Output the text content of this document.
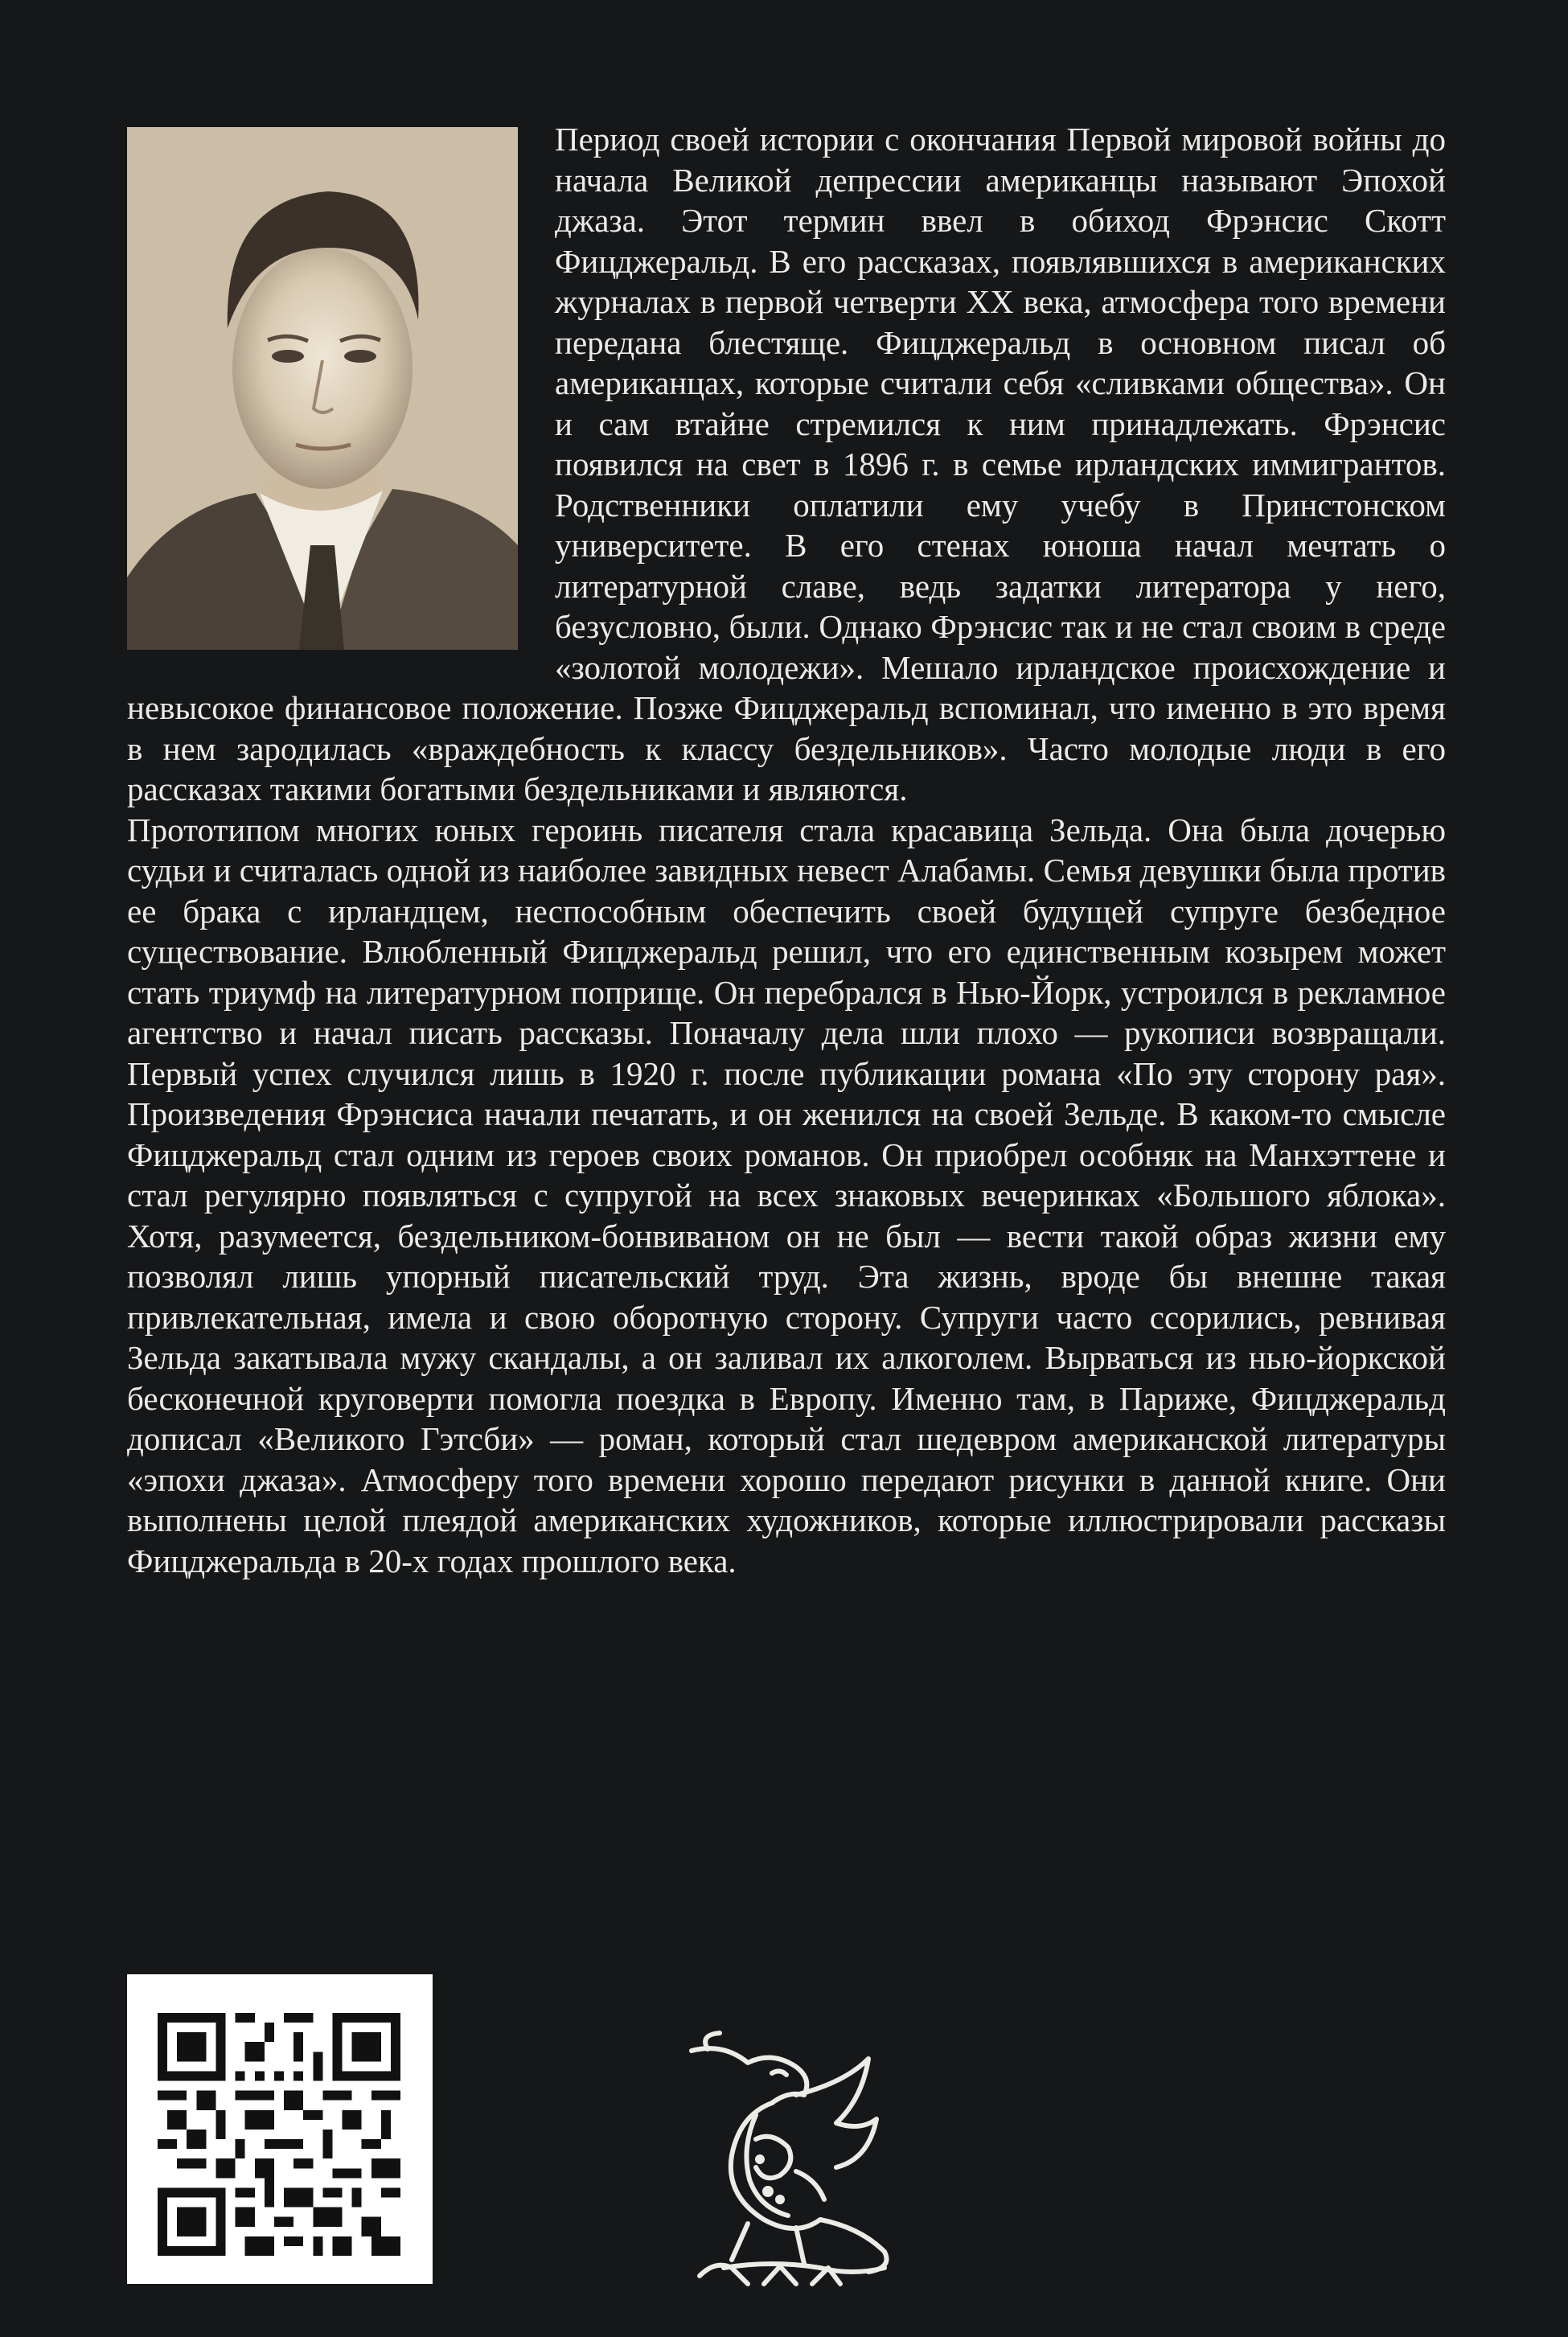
Период своей истории с окончания Первой мировой войны до начала Великой депрессии американцы называют Эпохой джаза. Этот термин ввел в обиход Фрэнсис Скотт Фицджеральд. В его рассказах, появлявшихся в американских журналах в первой четверти XX века, атмосфера того времени передана блестяще. Фицджеральд в основном писал об американцах, которые считали себя «сливками общества». Он и сам втайне стремился к ним принадлежать. Фрэнсис появился на свет в 1896 г. в семье ирландских иммигрантов. Родственники оплатили ему учебу в Принстонском университете. В его стенах юноша начал мечтать о литературной славе, ведь задатки литератора у него, безусловно, были. Однако Фрэнсис так и не стал своим в среде «золотой молодежи». Мешало ирландское происхождение и невысокое финансовое положение. Позже Фицджеральд вспоминал, что именно в это время в нем зародилась «враждебность к классу бездельников». Часто молодые люди в его рассказах такими богатыми бездельниками и являются.

Прототипом многих юных героинь писателя стала красавица Зельда. Она была дочерью судьи и считалась одной из наиболее завидных невест Алабамы. Семья девушки была против ее брака с ирландцем, неспособным обеспечить своей будущей супруге безбедное существование. Влюбленный Фицджеральд решил, что его единственным козырем может стать триумф на литературном поприще. Он перебрался в Нью-Йорк, устроился в рекламное агентство и начал писать рассказы. Поначалу дела шли плохо — рукописи возвращали. Первый успех случился лишь в 1920 г. после публикации романа «По эту сторону рая». Произведения Фрэнсиса начали печатать, и он женился на своей Зельде. В каком-то смысле Фицджеральд стал одним из героев своих романов. Он приобрел особняк на Манхэттене и стал регулярно появляться с супругой на всех знаковых вечеринках «Большого яблока». Хотя, разумеется, бездельником-бонвиваном он не был — вести такой образ жизни ему позволял лишь упорный писательский труд. Эта жизнь, вроде бы внешне такая привлекательная, имела и свою оборотную сторону. Супруги часто ссорились, ревнивая Зельда закатывала мужу скандалы, а он заливал их алкоголем. Вырваться из нью-йоркской бесконечной круговерти помогла поездка в Европу. Именно там, в Париже, Фицджеральд дописал «Великого Гэтсби» — роман, который стал шедевром американской литературы «эпохи джаза». Атмосферу того времени хорошо передают рисунки в данной книге. Они выполнены целой плеядой американских художников, которые иллюстрировали рассказы Фицджеральда в 20-х годах прошлого века.
